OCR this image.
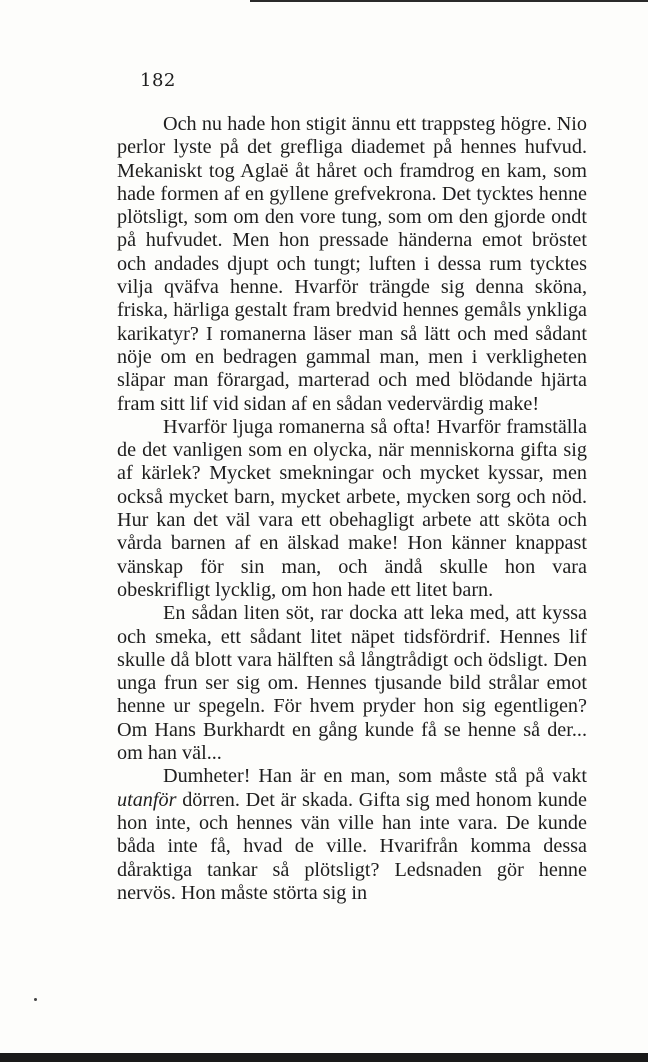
182

Och nu hade hon stigit ännu ett trappsteg högre. Nio perlor lyste på det grefliga diademet på hennes hufvud. Mekaniskt tog Aglaë åt håret och framdrog en kam, som hade formen af en gyllene grefvekrona. Det tycktes henne plötsligt, som om den vore tung, som om den gjorde ondt på hufvudet. Men hon pressade händerna emot bröstet och andades djupt och tungt; luften i dessa rum tycktes vilja qväfva henne. Hvarför trängde sig denna sköna, friska, härliga gestalt fram bredvid hennes gemåls ynkliga karikatyr? I romanerna läser man så lätt och med sådant nöje om en bedragen gammal man, men i verkligheten släpar man förargad, marterad och med blödande hjärta fram sitt lif vid sidan af en sådan vedervärdig make!

Hvarför ljuga romanerna så ofta! Hvarför framställa de det vanligen som en olycka, när menniskorna gifta sig af kärlek? Mycket smekningar och mycket kyssar, men också mycket barn, mycket arbete, mycken sorg och nöd. Hur kan det väl vara ett obehagligt arbete att sköta och vårda barnen af en älskad make! Hon känner knappast vänskap för sin man, och ändå skulle hon vara obeskrifligt lycklig, om hon hade ett litet barn.

En sådan liten söt, rar docka att leka med, att kyssa och smeka, ett sådant litet näpet tidsfördrif. Hennes lif skulle då blott vara hälften så långtrådigt och ödsligt. Den unga frun ser sig om. Hennes tjusande bild strålar emot henne ur spegeln. För hvem pryder hon sig egentligen? Om Hans Burkhardt en gång kunde få se henne så der... om han väl...

Dumheter! Han är en man, som måste stå på vakt utanför dörren. Det är skada. Gifta sig med honom kunde hon inte, och hennes vän ville han inte vara. De kunde båda inte få, hvad de ville. Hvarifrån komma dessa dåraktiga tankar så plötsligt? Ledsnaden gör henne nervös. Hon måste störta sig in
